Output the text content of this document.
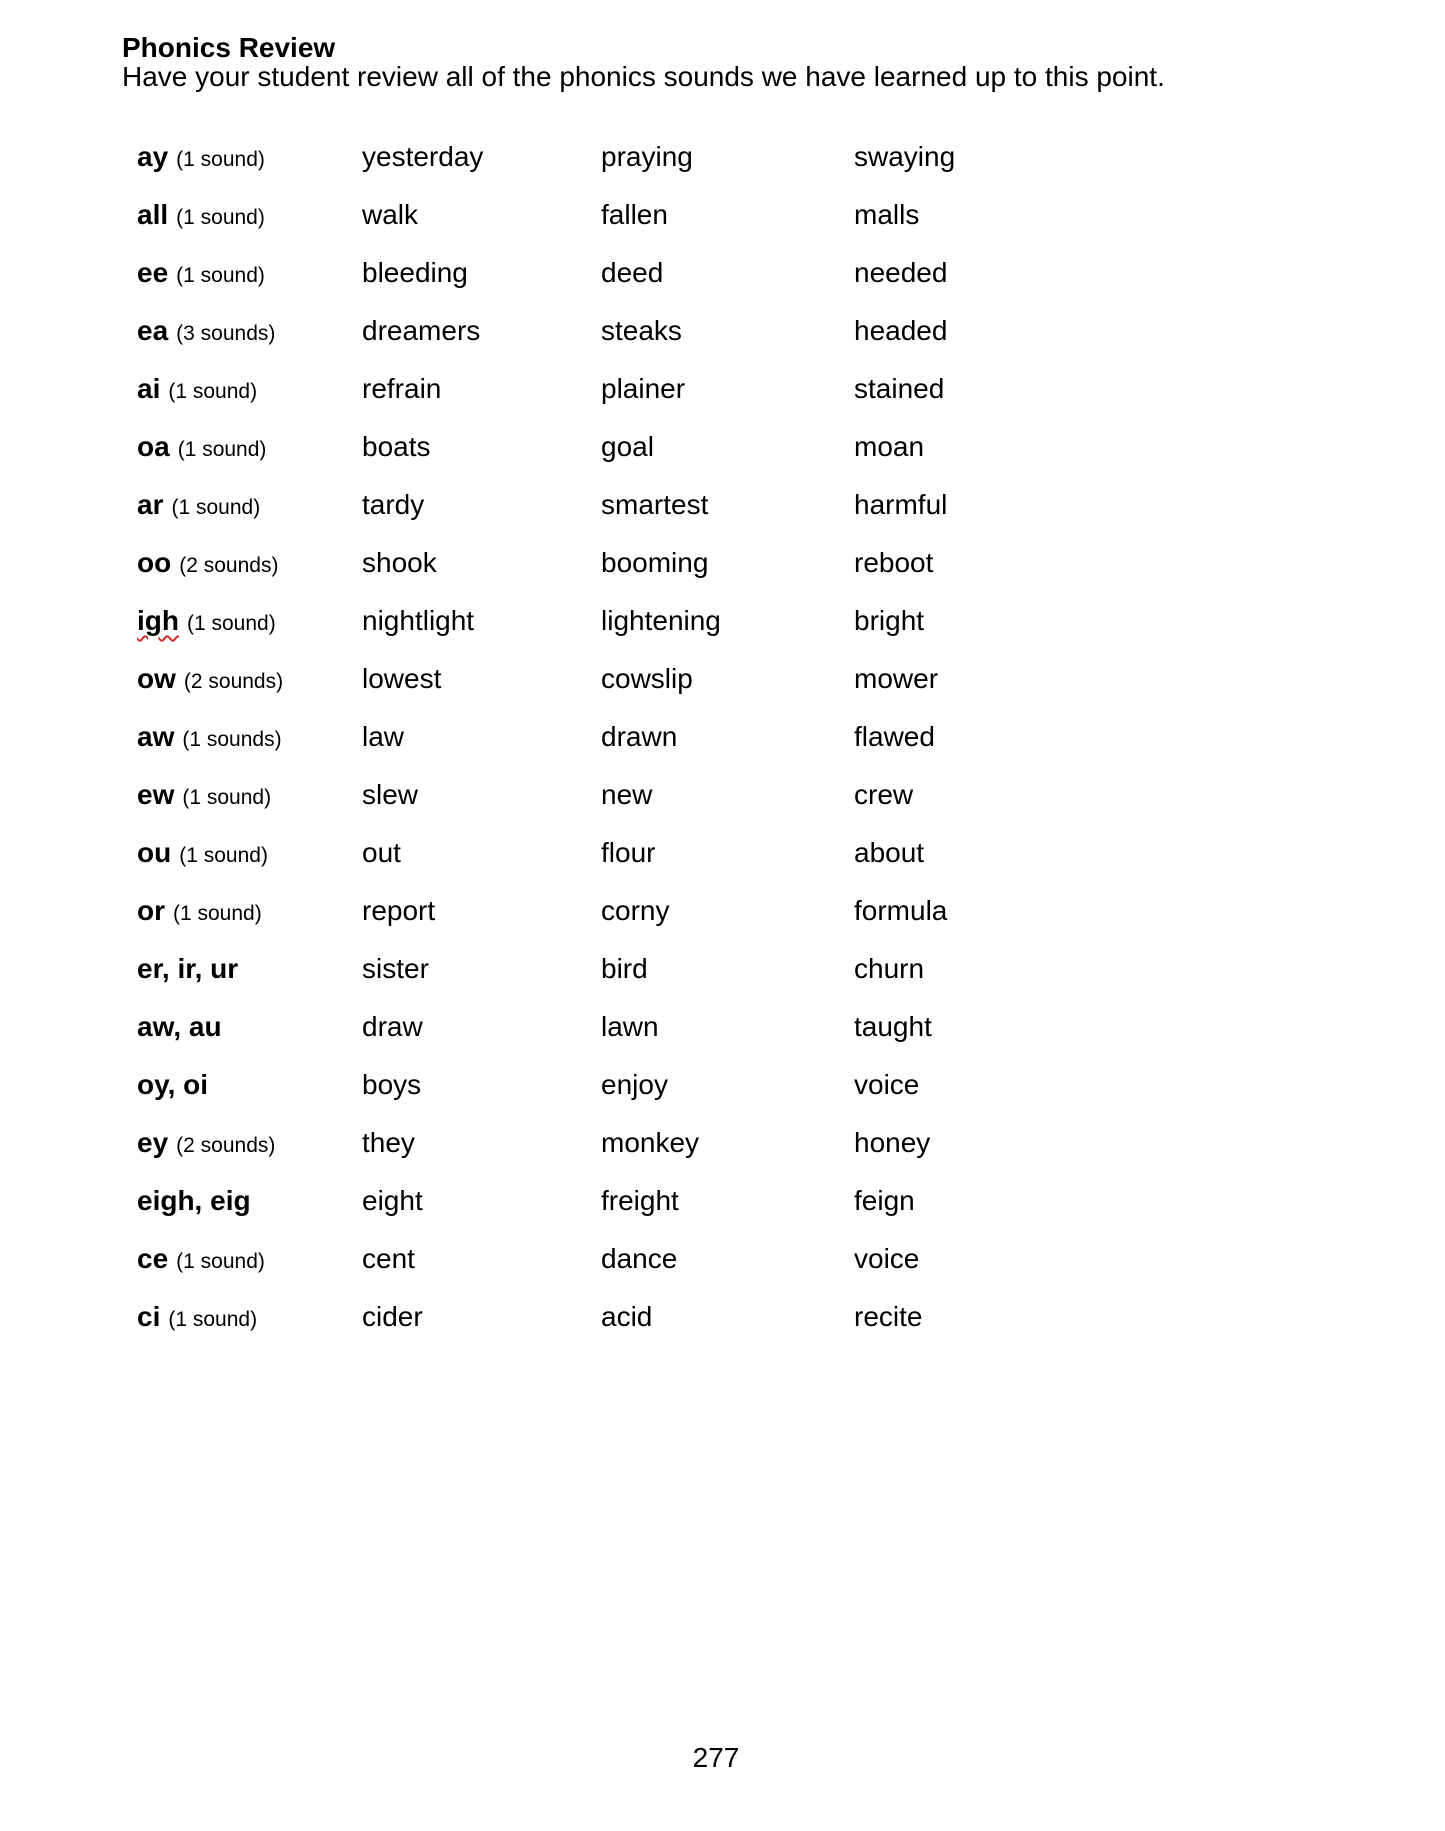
Phonics Review
Have your student review all of the phonics sounds we have learned up to this point.
ay (1 sound)	yesterday	praying	swaying
all (1 sound)	walk	fallen	malls
ee (1 sound)	bleeding	deed	needed
ea (3 sounds)	dreamers	steaks	headed
ai (1 sound)	refrain	plainer	stained
oa (1 sound)	boats	goal	moan
ar (1 sound)	tardy	smartest	harmful
oo (2 sounds)	shook	booming	reboot
igh (1 sound)	nightlight	lightening	bright
ow (2 sounds)	lowest	cowslip	mower
aw (1 sounds)	law	drawn	flawed
ew (1 sound)	slew	new	crew
ou (1 sound)	out	flour	about
or (1 sound)	report	corny	formula
er, ir, ur	sister	bird	churn
aw, au	draw	lawn	taught
oy, oi	boys	enjoy	voice
ey (2 sounds)	they	monkey	honey
eigh, eig	eight	freight	feign
ce (1 sound)	cent	dance	voice
ci (1 sound)	cider	acid	recite
277
